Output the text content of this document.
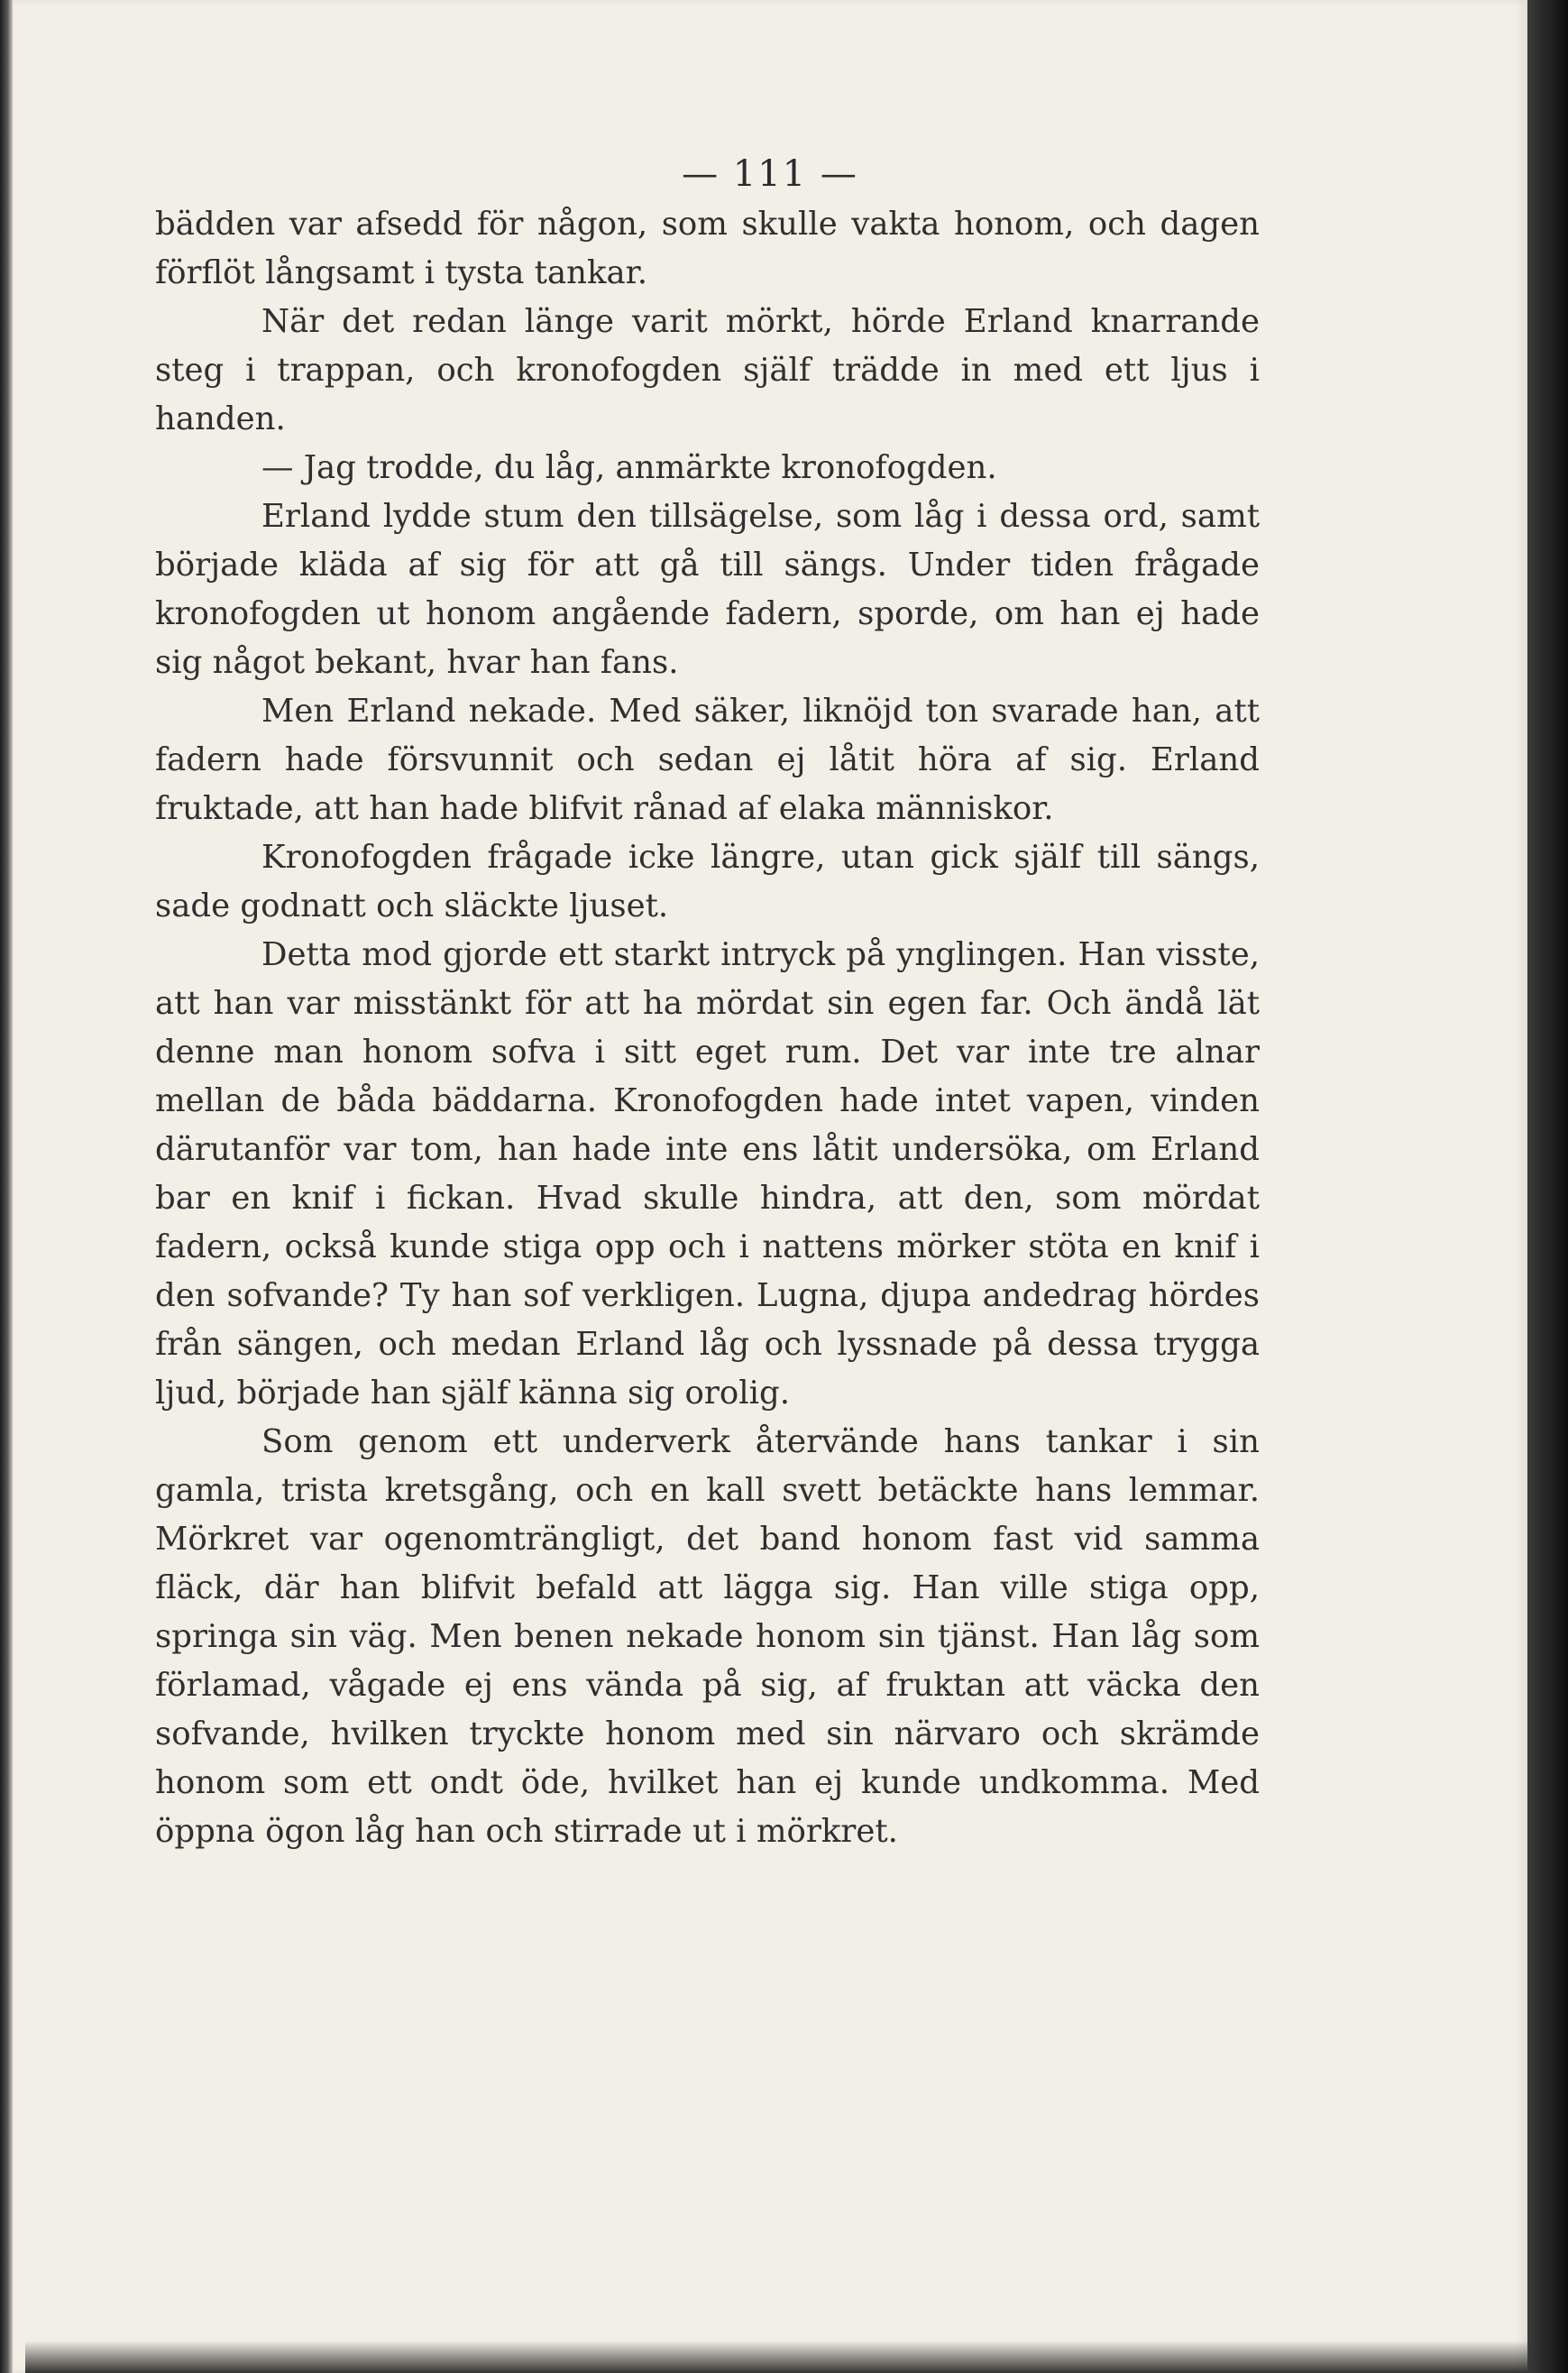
— 111 —

bädden var afsedd för någon, som skulle vakta honom, och dagen förflöt långsamt i tysta tankar.

När det redan länge varit mörkt, hörde Erland knarrande steg i trappan, och kronofogden själf trädde in med ett ljus i handen.

— Jag trodde, du låg, anmärkte kronofogden.

Erland lydde stum den tillsägelse, som låg i dessa ord, samt började kläda af sig för att gå till sängs. Under tiden frågade kronofogden ut honom angående fadern, sporde, om han ej hade sig något bekant, hvar han fans.

Men Erland nekade. Med säker, liknöjd ton svarade han, att fadern hade försvunnit och sedan ej låtit höra af sig. Erland fruktade, att han hade blifvit rånad af elaka människor.

Kronofogden frågade icke längre, utan gick själf till sängs, sade godnatt och släckte ljuset.

Detta mod gjorde ett starkt intryck på ynglingen. Han visste, att han var misstänkt för att ha mördat sin egen far. Och ändå lät denne man honom sofva i sitt eget rum. Det var inte tre alnar mellan de båda bäddarna. Kronofogden hade intet vapen, vinden därutanför var tom, han hade inte ens låtit undersöka, om Erland bar en knif i fickan. Hvad skulle hindra, att den, som mördat fadern, också kunde stiga opp och i nattens mörker stöta en knif i den sofvande? Ty han sof verkligen. Lugna, djupa andedrag hördes från sängen, och medan Erland låg och lyssnade på dessa trygga ljud, började han själf känna sig orolig.

Som genom ett underverk återvände hans tankar i sin gamla, trista kretsgång, och en kall svett betäckte hans lemmar. Mörkret var ogenomträngligt, det band honom fast vid samma fläck, där han blifvit befald att lägga sig. Han ville stiga opp, springa sin väg. Men benen nekade honom sin tjänst. Han låg som förlamad, vågade ej ens vända på sig, af fruktan att väcka den sofvande, hvilken tryckte honom med sin närvaro och skrämde honom som ett ondt öde, hvilket han ej kunde undkomma. Med öppna ögon låg han och stirrade ut i mörkret.
